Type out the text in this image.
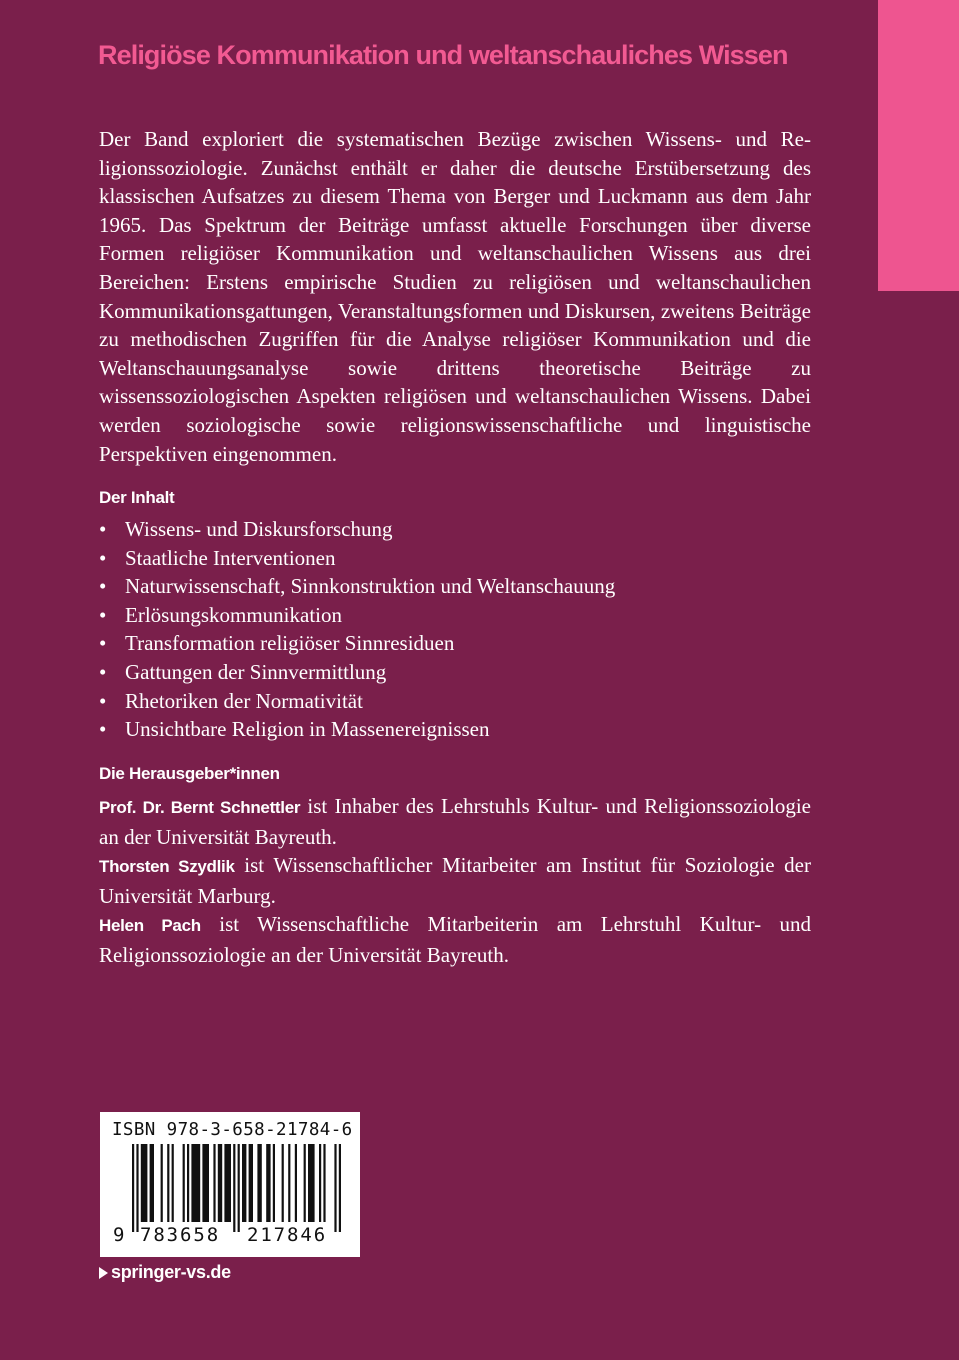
Religiöse Kommunikation und weltanschauliches Wissen

Der Band exploriert die systematischen Bezüge zwischen Wissens- und Religionssoziologie. Zunächst enthält er daher die deutsche Erstübersetzung des klassischen Aufsatzes zu diesem Thema von Berger und Luckmann aus dem Jahr 1965. Das Spektrum der Beiträge umfasst aktuelle Forschungen über diverse Formen religiöser Kommunikation und weltanschaulichen Wissens aus drei Bereichen: Erstens empirische Studien zu religiösen und weltanschaulichen Kommunikationsgattungen, Veranstaltungsformen und Diskursen, zweitens Beiträge zu methodischen Zugriffen für die Analyse religiöser Kommunikation und die Weltanschauungsanalyse sowie drittens theoretische Beiträge zu wissenssoziologischen Aspekten religiösen und weltanschaulichen Wissens. Dabei werden soziologische sowie religionswissenschaftliche und linguistische Perspektiven eingenommen.

Der Inhalt
• Wissens- und Diskursforschung
• Staatliche Interventionen
• Naturwissenschaft, Sinnkonstruktion und Weltanschauung
• Erlösungskommunikation
• Transformation religiöser Sinnresiduen
• Gattungen der Sinnvermittlung
• Rhetoriken der Normativität
• Unsichtbare Religion in Massenereignissen
Die Herausgeber*innen

Prof. Dr. Bernt Schnettler ist Inhaber des Lehrstuhls Kultur- und Religionssoziologie an der Universität Bayreuth.

Thorsten Szydlik ist Wissenschaftlicher Mitarbeiter am Institut für Soziologie der Universität Marburg.

Helen Pach ist Wissenschaftliche Mitarbeiterin am Lehrstuhl Kultur- und Religionssoziologie an der Universität Bayreuth.

ISBN 978-3-658-21784-6
9 783658 217846
springer-vs.de
